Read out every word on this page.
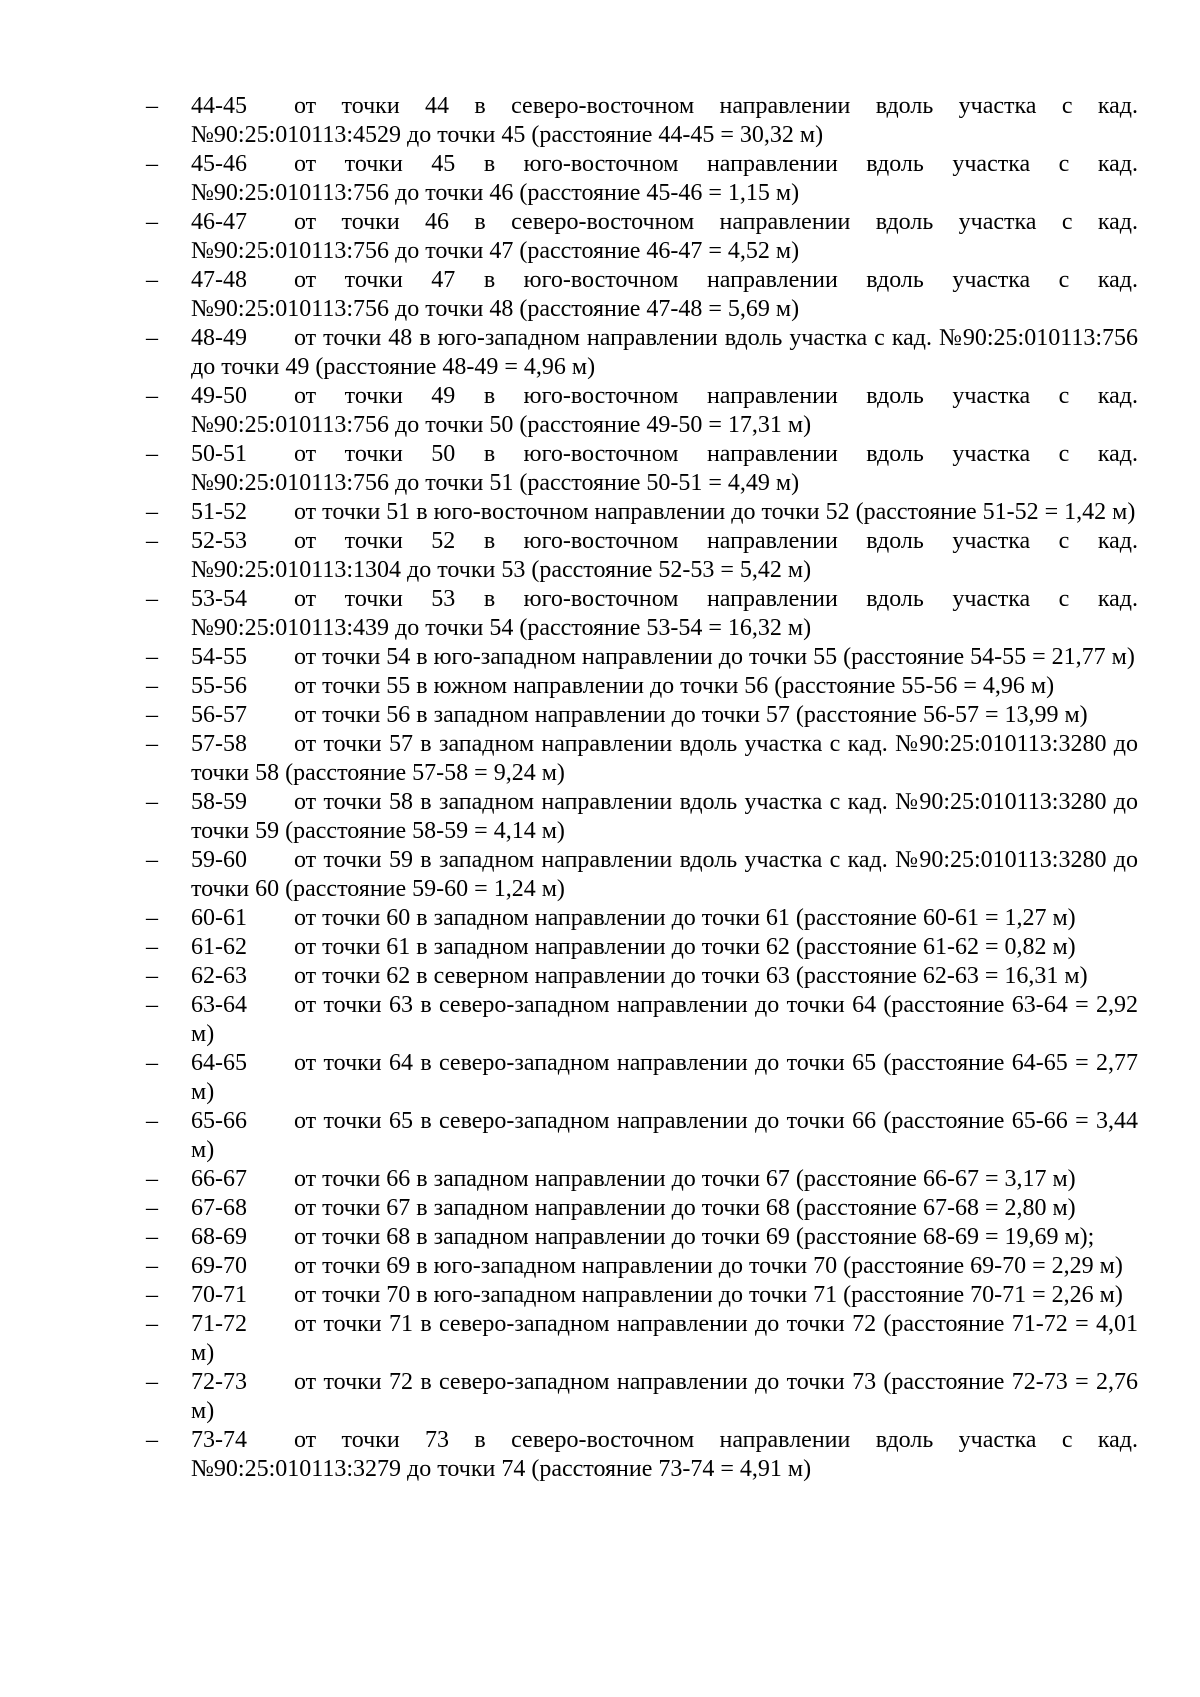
–	44-45 от точки 44 в северо-восточном направлении вдоль участка с кад. №90:25:010113:4529 до точки 45 (расстояние 44-45 = 30,32 м)
–	45-46 от точки 45 в юго-восточном направлении вдоль участка с кад. №90:25:010113:756 до точки 46 (расстояние 45-46 = 1,15 м)
–	46-47 от точки 46 в северо-восточном направлении вдоль участка с кад. №90:25:010113:756 до точки 47 (расстояние 46-47 = 4,52 м)
–	47-48 от точки 47 в юго-восточном направлении вдоль участка с кад. №90:25:010113:756 до точки 48 (расстояние 47-48 = 5,69 м)
–	48-49 от точки 48 в юго-западном направлении вдоль участка с кад. №90:25:010113:756 до точки 49 (расстояние 48-49 = 4,96 м)
–	49-50 от точки 49 в юго-восточном направлении вдоль участка с кад. №90:25:010113:756 до точки 50 (расстояние 49-50 = 17,31 м)
–	50-51 от точки 50 в юго-восточном направлении вдоль участка с кад. №90:25:010113:756 до точки 51 (расстояние 50-51 = 4,49 м)
–	51-52 от точки 51 в юго-восточном направлении до точки 52 (расстояние 51-52 = 1,42 м)
–	52-53 от точки 52 в юго-восточном направлении вдоль участка с кад. №90:25:010113:1304 до точки 53 (расстояние 52-53 = 5,42 м)
–	53-54 от точки 53 в юго-восточном направлении вдоль участка с кад. №90:25:010113:439 до точки 54 (расстояние 53-54 = 16,32 м)
–	54-55 от точки 54 в юго-западном направлении до точки 55 (расстояние 54-55 = 21,77 м)
–	55-56 от точки 55 в южном направлении до точки 56 (расстояние 55-56 = 4,96 м)
–	56-57 от точки 56 в западном направлении до точки 57 (расстояние 56-57 = 13,99 м)
–	57-58 от точки 57 в западном направлении вдоль участка с кад. №90:25:010113:3280 до точки 58 (расстояние 57-58 = 9,24 м)
–	58-59 от точки 58 в западном направлении вдоль участка с кад. №90:25:010113:3280 до точки 59 (расстояние 58-59 = 4,14 м)
–	59-60 от точки 59 в западном направлении вдоль участка с кад. №90:25:010113:3280 до точки 60 (расстояние 59-60 = 1,24 м)
–	60-61 от точки 60 в западном направлении до точки 61 (расстояние 60-61 = 1,27 м)
–	61-62 от точки 61 в западном направлении до точки 62 (расстояние 61-62 = 0,82 м)
–	62-63 от точки 62 в северном направлении до точки 63 (расстояние 62-63 = 16,31 м)
–	63-64 от точки 63 в северо-западном направлении до точки 64 (расстояние 63-64 = 2,92 м)
–	64-65 от точки 64 в северо-западном направлении до точки 65 (расстояние 64-65 = 2,77 м)
–	65-66 от точки 65 в северо-западном направлении до точки 66 (расстояние 65-66 = 3,44 м)
–	66-67 от точки 66 в западном направлении до точки 67 (расстояние 66-67 = 3,17 м)
–	67-68 от точки 67 в западном направлении до точки 68 (расстояние 67-68 = 2,80 м)
–	68-69 от точки 68 в западном направлении до точки 69 (расстояние 68-69 = 19,69 м);
–	69-70 от точки 69 в юго-западном направлении до точки 70 (расстояние 69-70 = 2,29 м)
–	70-71 от точки 70 в юго-западном направлении до точки 71 (расстояние 70-71 = 2,26 м)
–	71-72 от точки 71 в северо-западном направлении до точки 72 (расстояние 71-72 = 4,01 м)
–	72-73 от точки 72 в северо-западном направлении до точки 73 (расстояние 72-73 = 2,76 м)
–	73-74 от точки 73 в северо-восточном направлении вдоль участка с кад. №90:25:010113:3279 до точки 74 (расстояние 73-74 = 4,91 м)
